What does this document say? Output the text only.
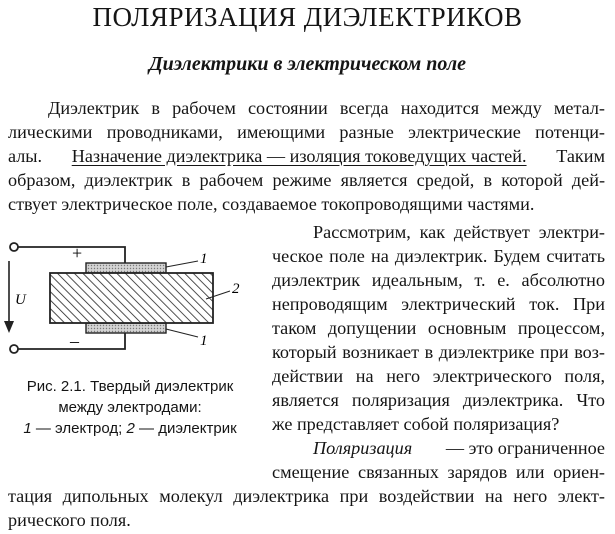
ПОЛЯРИЗАЦИЯ ДИЭЛЕКТРИКОВ
Диэлектрики в электрическом поле
Диэлектрик в рабочем состоянии всегда находится между метал-
лическими проводниками, имеющими разные электрические потенци-
алы. Назначение диэлектрика — изоляция токоведущих частей. Таким
образом, диэлектрик в рабочем режиме является средой, в которой дей-
ствует электрическое поле, создаваемое токопроводящими частями.
+
–
U
1
2
1
Рис. 2.1. Твердый диэлектрик
между электродами:
1 — электрод; 2 — диэлектрик
Рассмотрим, как действует электри-
ческое поле на диэлектрик. Будем считать
диэлектрик идеальным, т. е. абсолютно
непроводящим электрический ток. При
таком допущении основным процессом,
который возникает в диэлектрике при воз-
действии на него электрического поля,
является поляризация диэлектрика. Что
же представляет собой поляризация?
Поляризация — это ограниченное
смещение связанных зарядов или ориен-
тация дипольных молекул диэлектрика при воздействии на него элект-
рического поля.
